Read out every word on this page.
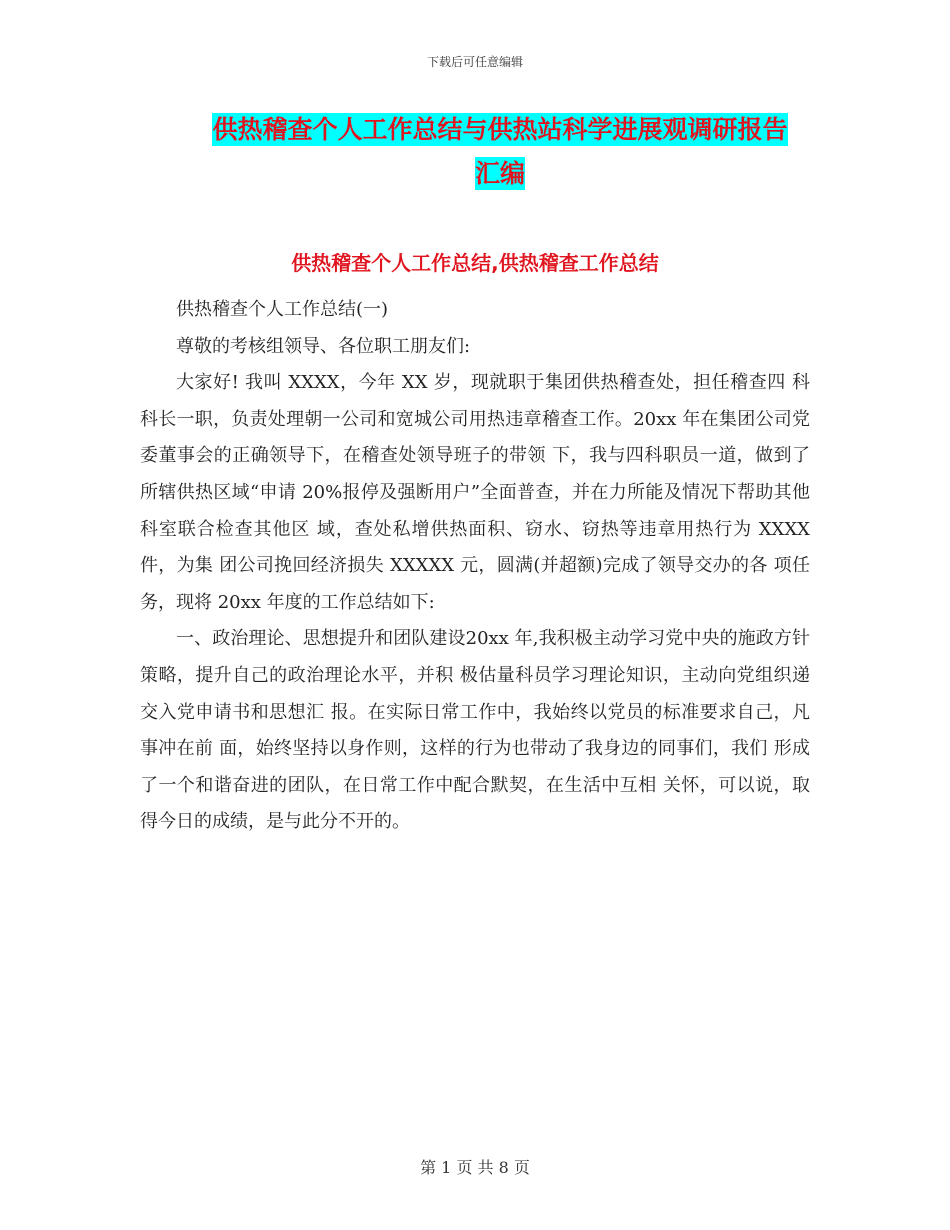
下载后可任意编辑
供热稽查个人工作总结与供热站科学进展观调研报告
汇编
供热稽查个人工作总结,供热稽查工作总结

供热稽查个人工作总结(一)

尊敬的考核组领导、各位职工朋友们:

大家好! 我叫 XXXX，今年 XX 岁，现就职于集团供热稽查处，担任稽查四 科科长一职，负责处理朝一公司和宽城公司用热违章稽查工作。20xx 年在集团公司党委董事会的正确领导下，在稽查处领导班子的带领 下，我与四科职员一道，做到了所辖供热区域“申请 20%报停及强断用户”全面普查，并在力所能及情况下帮助其他科室联合检查其他区 域，查处私增供热面积、窃水、窃热等违章用热行为 XXXX 件，为集 团公司挽回经济损失 XXXXX 元，圆满(并超额)完成了领导交办的各 项任务，现将 20xx 年度的工作总结如下:

一、政治理论、思想提升和团队建设20xx 年,我积极主动学习党中央的施政方针策略，提升自己的政治理论水平，并积 极估量科员学习理论知识，主动向党组织递交入党申请书和思想汇 报。在实际日常工作中，我始终以党员的标准要求自己，凡事冲在前 面，始终坚持以身作则，这样的行为也带动了我身边的同事们，我们 形成了一个和谐奋进的团队，在日常工作中配合默契，在生活中互相 关怀，可以说，取得今日的成绩，是与此分不开的。

第 1 页 共 8 页
